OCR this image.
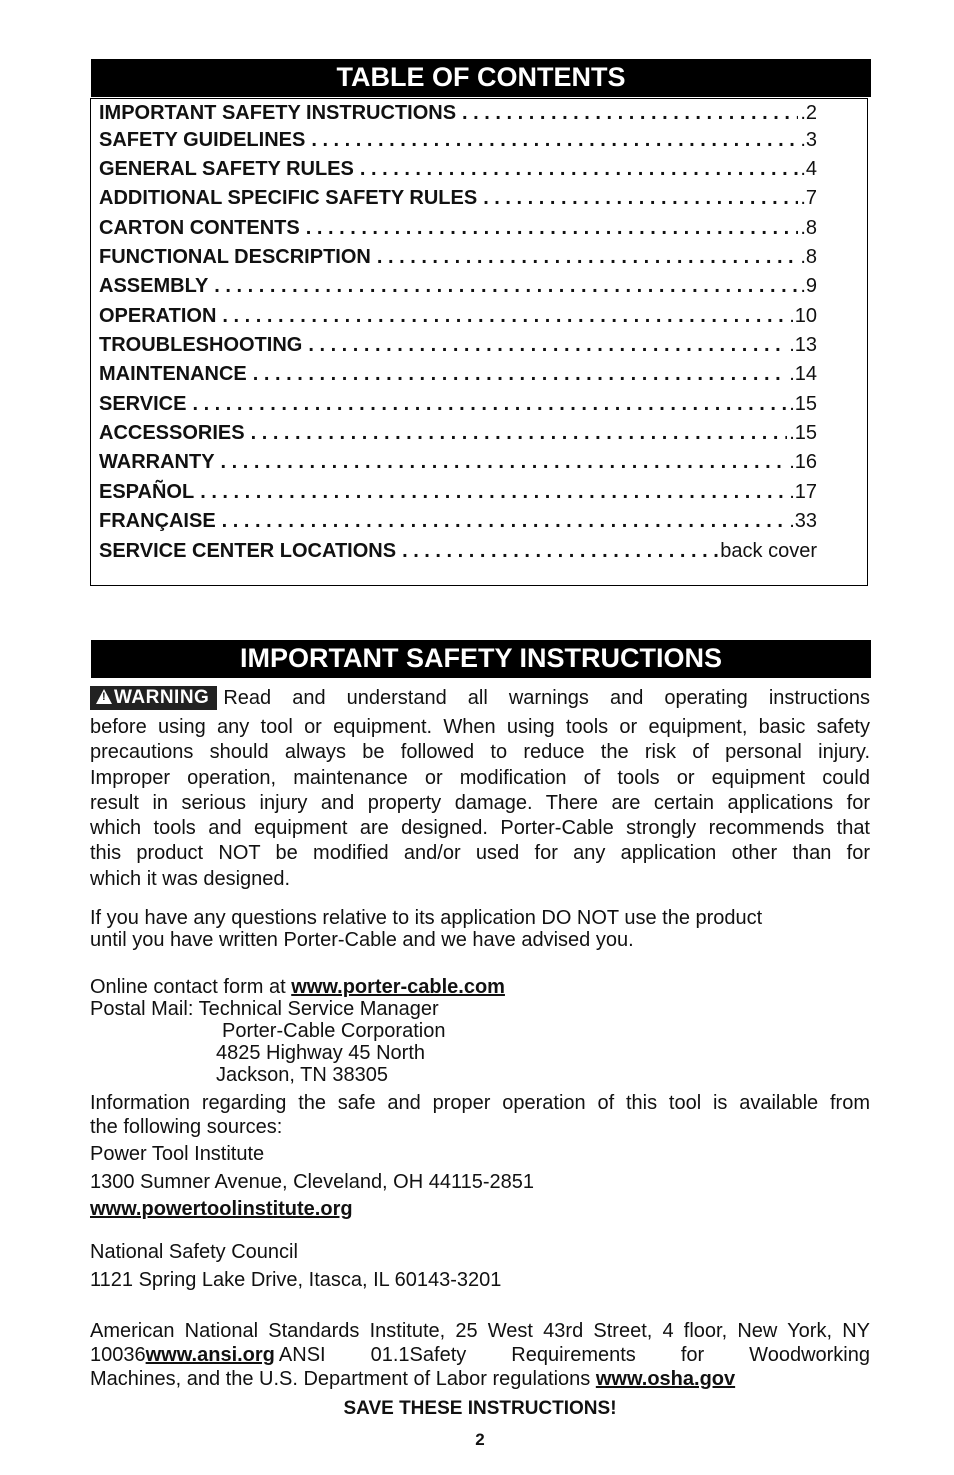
TABLE OF CONTENTS
IMPORTANT SAFETY INSTRUCTIONS . . .	.2
SAFETY GUIDELINES . . .	.3
GENERAL SAFETY RULES . . .	.4
ADDITIONAL SPECIFIC SAFETY RULES . . .	.7
CARTON CONTENTS . . .	.8
FUNCTIONAL DESCRIPTION . . .	.8
ASSEMBLY . . .	.9
OPERATION . . .	.10
TROUBLESHOOTING . . .	.13
MAINTENANCE . . .	.14
SERVICE . . .	.15
ACCESSORIES . . .	.15
WARRANTY . . .	.16
ESPAÑOL . . .	.17
FRANÇAISE . . .	.33
SERVICE CENTER LOCATIONS . . .	back cover
IMPORTANT SAFETY INSTRUCTIONS
!WARNING Read and understand all warnings and operating instructions
before using any tool or equipment. When using tools or equipment, basic safety
precautions should always be followed to reduce the risk of personal injury.
Improper operation, maintenance or modification of tools or equipment could
result in serious injury and property damage. There are certain applications for
which tools and equipment are designed. Porter-Cable strongly recommends that
this product NOT be modified and/or used for any application other than for
which it was designed.
If you have any questions relative to its application DO NOT use the product
until you have written Porter-Cable and we have advised you.
Online contact form at www.porter-cable.com
Postal Mail: Technical Service Manager
Porter-Cable Corporation
4825 Highway 45 North
Jackson, TN 38305
Information regarding the safe and proper operation of this tool is available from
the following sources:
Power Tool Institute
1300 Sumner Avenue, Cleveland, OH 44115-2851
www.powertoolinstitute.org
National Safety Council
1121 Spring Lake Drive, Itasca, IL 60143-3201
American National Standards Institute, 25 West 43rd Street, 4 floor, New York, NY
10036 www.ansi.org ANSI 01.1Safety Requirements for Woodworking
Machines, and the U.S. Department of Labor regulations www.osha.gov
SAVE THESE INSTRUCTIONS!
2
